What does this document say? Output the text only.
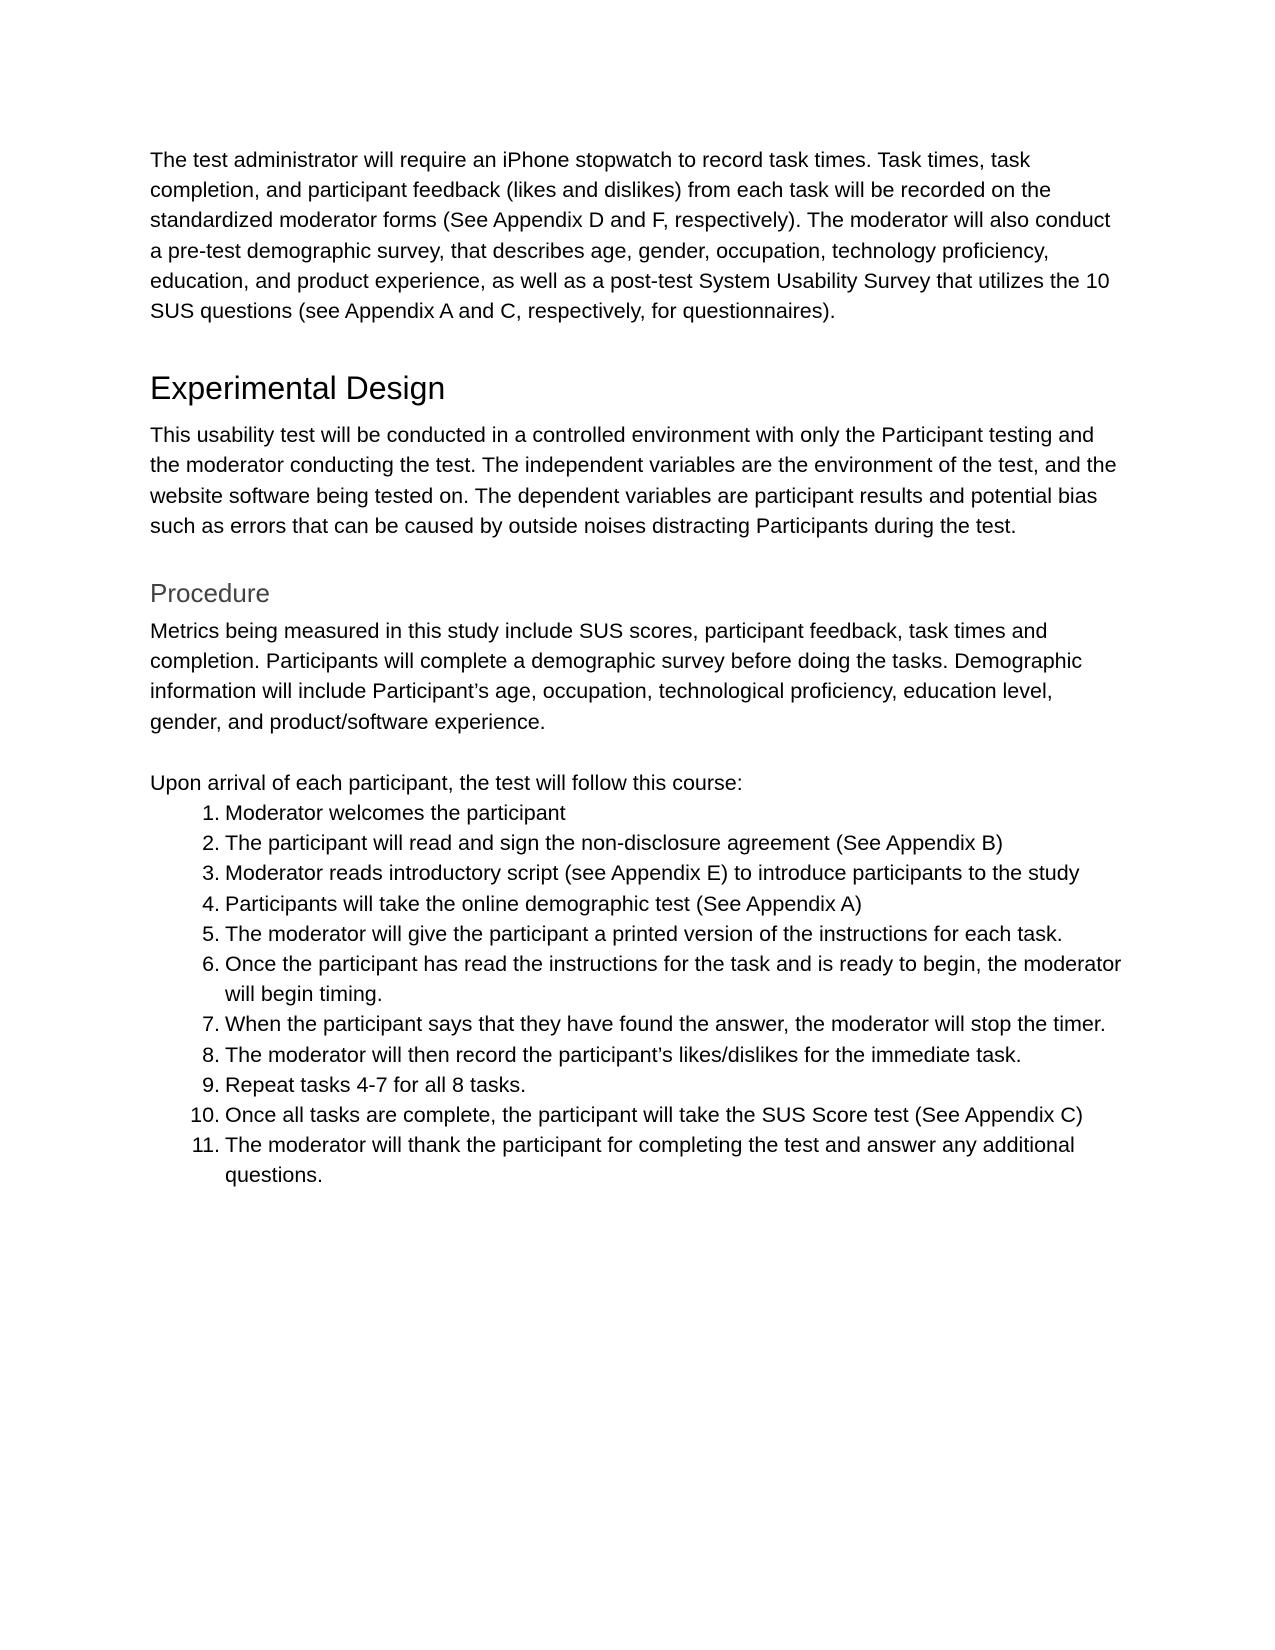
The test administrator will require an iPhone stopwatch to record task times. Task times, task completion, and participant feedback (likes and dislikes) from each task will be recorded on the standardized moderator forms (See Appendix D and F, respectively). The moderator will also conduct a pre-test demographic survey, that describes age, gender, occupation, technology proficiency, education, and product experience, as well as a post-test System Usability Survey that utilizes the 10 SUS questions (see Appendix A and C, respectively, for questionnaires).

Experimental Design

This usability test will be conducted in a controlled environment with only the Participant testing and the moderator conducting the test. The independent variables are the environment of the test, and the website software being tested on. The dependent variables are participant results and potential bias such as errors that can be caused by outside noises distracting Participants during the test.

Procedure

Metrics being measured in this study include SUS scores, participant feedback, task times and completion. Participants will complete a demographic survey before doing the tasks. Demographic information will include Participant’s age, occupation, technological proficiency, education level, gender, and product/software experience.

Upon arrival of each participant, the test will follow this course:

1. Moderator welcomes the participant
2. The participant will read and sign the non-disclosure agreement (See Appendix B)
3. Moderator reads introductory script (see Appendix E) to introduce participants to the study
4. Participants will take the online demographic test (See Appendix A)
5. The moderator will give the participant a printed version of the instructions for each task.
6. Once the participant has read the instructions for the task and is ready to begin, the moderator will begin timing.
7. When the participant says that they have found the answer, the moderator will stop the timer.
8. The moderator will then record the participant’s likes/dislikes for the immediate task.
9. Repeat tasks 4-7 for all 8 tasks.
10. Once all tasks are complete, the participant will take the SUS Score test (See Appendix C)
11. The moderator will thank the participant for completing the test and answer any additional questions.
